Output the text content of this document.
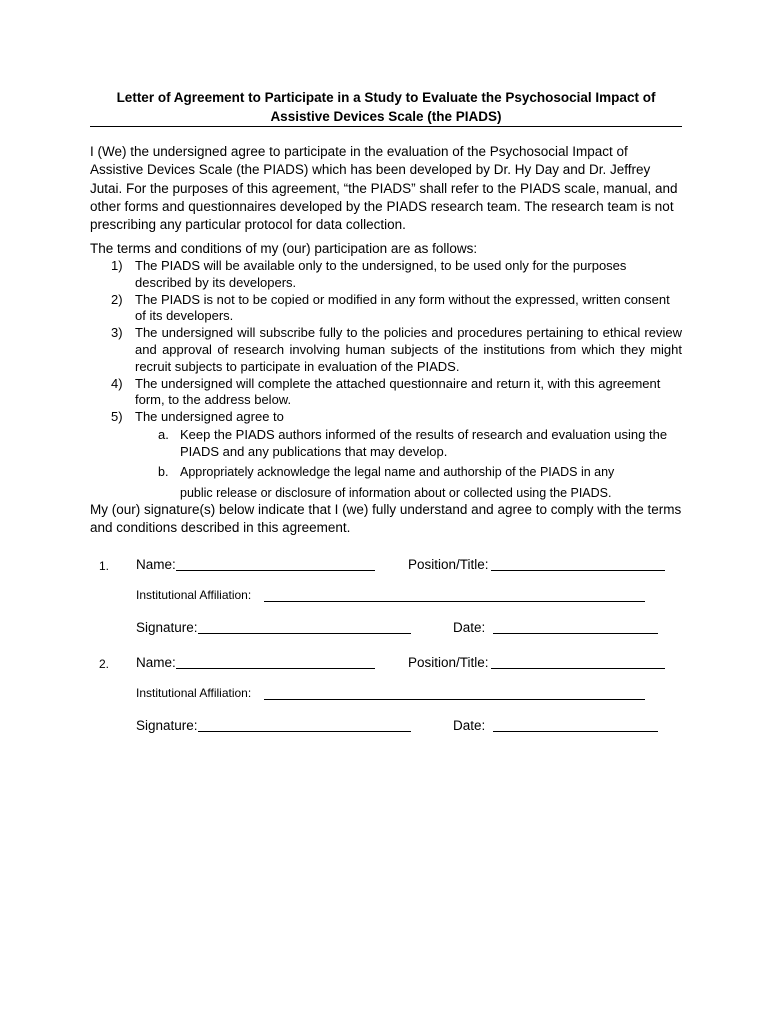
Letter of Agreement to Participate in a Study to Evaluate the Psychosocial Impact of
Assistive Devices Scale (the PIADS)
I (We) the undersigned agree to participate in the evaluation of the Psychosocial Impact of Assistive Devices Scale (the PIADS) which has been developed by Dr. Hy Day and Dr. Jeffrey Jutai. For the purposes of this agreement, “the PIADS” shall refer to the PIADS scale, manual, and other forms and questionnaires developed by the PIADS research team. The research team is not prescribing any particular protocol for data collection.
The terms and conditions of my (our) participation are as follows:
1) The PIADS will be available only to the undersigned, to be used only for the purposes described by its developers.
2) The PIADS is not to be copied or modified in any form without the expressed, written consent of its developers.
3) The undersigned will subscribe fully to the policies and procedures pertaining to ethical review and approval of research involving human subjects of the institutions from which they might recruit subjects to participate in evaluation of the PIADS.
4) The undersigned will complete the attached questionnaire and return it, with this agreement form, to the address below.
5) The undersigned agree to
a. Keep the PIADS authors informed of the results of research and evaluation using the PIADS and any publications that may develop.
b. Appropriately acknowledge the legal name and authorship of the PIADS in any
public release or disclosure of information about or collected using the PIADS.
My (our) signature(s) below indicate that I (we) fully understand and agree to comply with the terms and conditions described in this agreement.
1. Name:	Position/Title:
Institutional Affiliation:
Signature:	Date:
2. Name:	Position/Title:
Institutional Affiliation:
Signature:	Date:
